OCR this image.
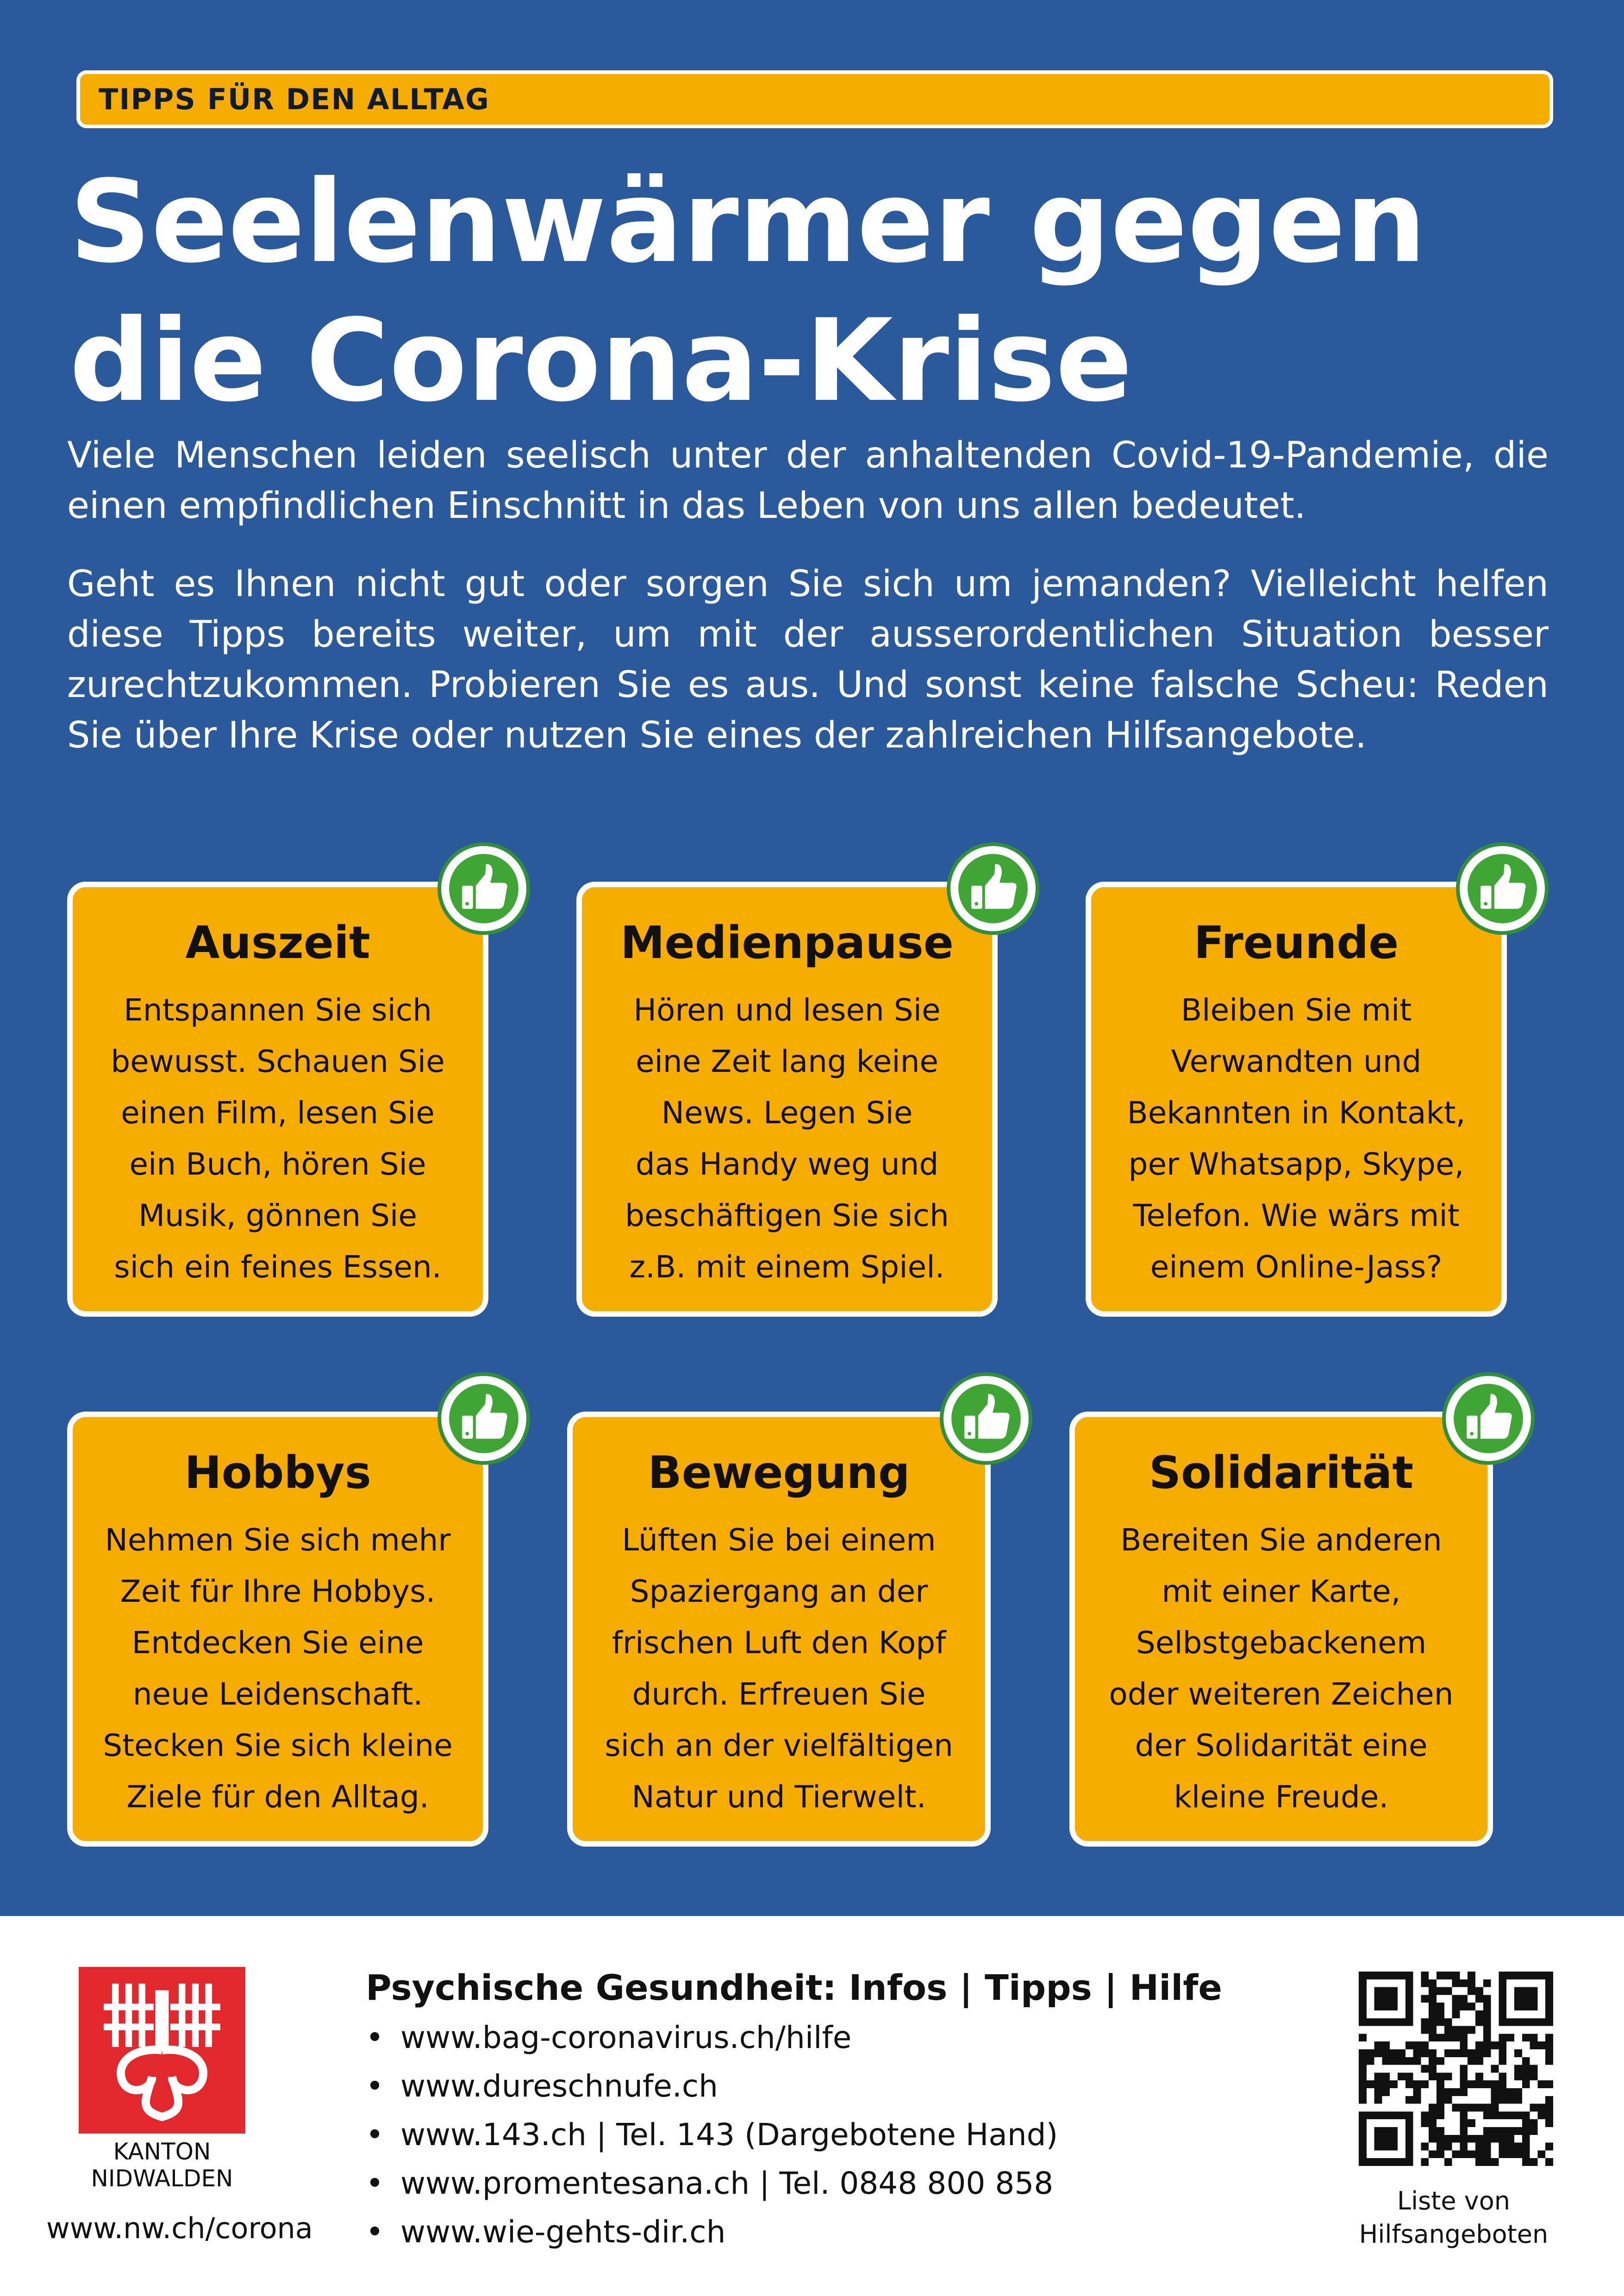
TIPPS FÜR DEN ALLTAG
Seelenwärmer gegen
die Corona-Krise

Viele Menschen leiden seelisch unter der anhaltenden Covid-19-Pandemie, die einen empfindlichen Einschnitt in das Leben von uns allen bedeutet.

Geht es Ihnen nicht gut oder sorgen Sie sich um jemanden? Vielleicht helfen diese Tipps bereits weiter, um mit der ausserordentlichen Situation besser zurechtzukommen. Probieren Sie es aus. Und sonst keine falsche Scheu: Reden Sie über Ihre Krise oder nutzen Sie eines der zahlreichen Hilfsangebote.

Auszeit
Entspannen Sie sich
bewusst. Schauen Sie
einen Film, lesen Sie
ein Buch, hören Sie
Musik, gönnen Sie
sich ein feines Essen.
Medienpause
Hören und lesen Sie
eine Zeit lang keine
News. Legen Sie
das Handy weg und
beschäftigen Sie sich
z.B. mit einem Spiel.
Freunde
Bleiben Sie mit
Verwandten und
Bekannten in Kontakt,
per Whatsapp, Skype,
Telefon. Wie wärs mit
einem Online-Jass?
Hobbys
Nehmen Sie sich mehr
Zeit für Ihre Hobbys.
Entdecken Sie eine
neue Leidenschaft.
Stecken Sie sich kleine
Ziele für den Alltag.
Bewegung
Lüften Sie bei einem
Spaziergang an der
frischen Luft den Kopf
durch. Erfreuen Sie
sich an der vielfältigen
Natur und Tierwelt.
Solidarität
Bereiten Sie anderen
mit einer Karte,
Selbstgebackenem
oder weiteren Zeichen
der Solidarität eine
kleine Freude.
KANTON
NIDWALDEN
www.nw.ch/corona
Psychische Gesundheit: Infos | Tipps | Hilfe
• www.bag-coronavirus.ch/hilfe
• www.dureschnufe.ch
• www.143.ch | Tel. 143 (Dargebotene Hand)
• www.promentesana.ch | Tel. 0848 800 858
• www.wie-gehts-dir.ch
Liste von
Hilfsangeboten
